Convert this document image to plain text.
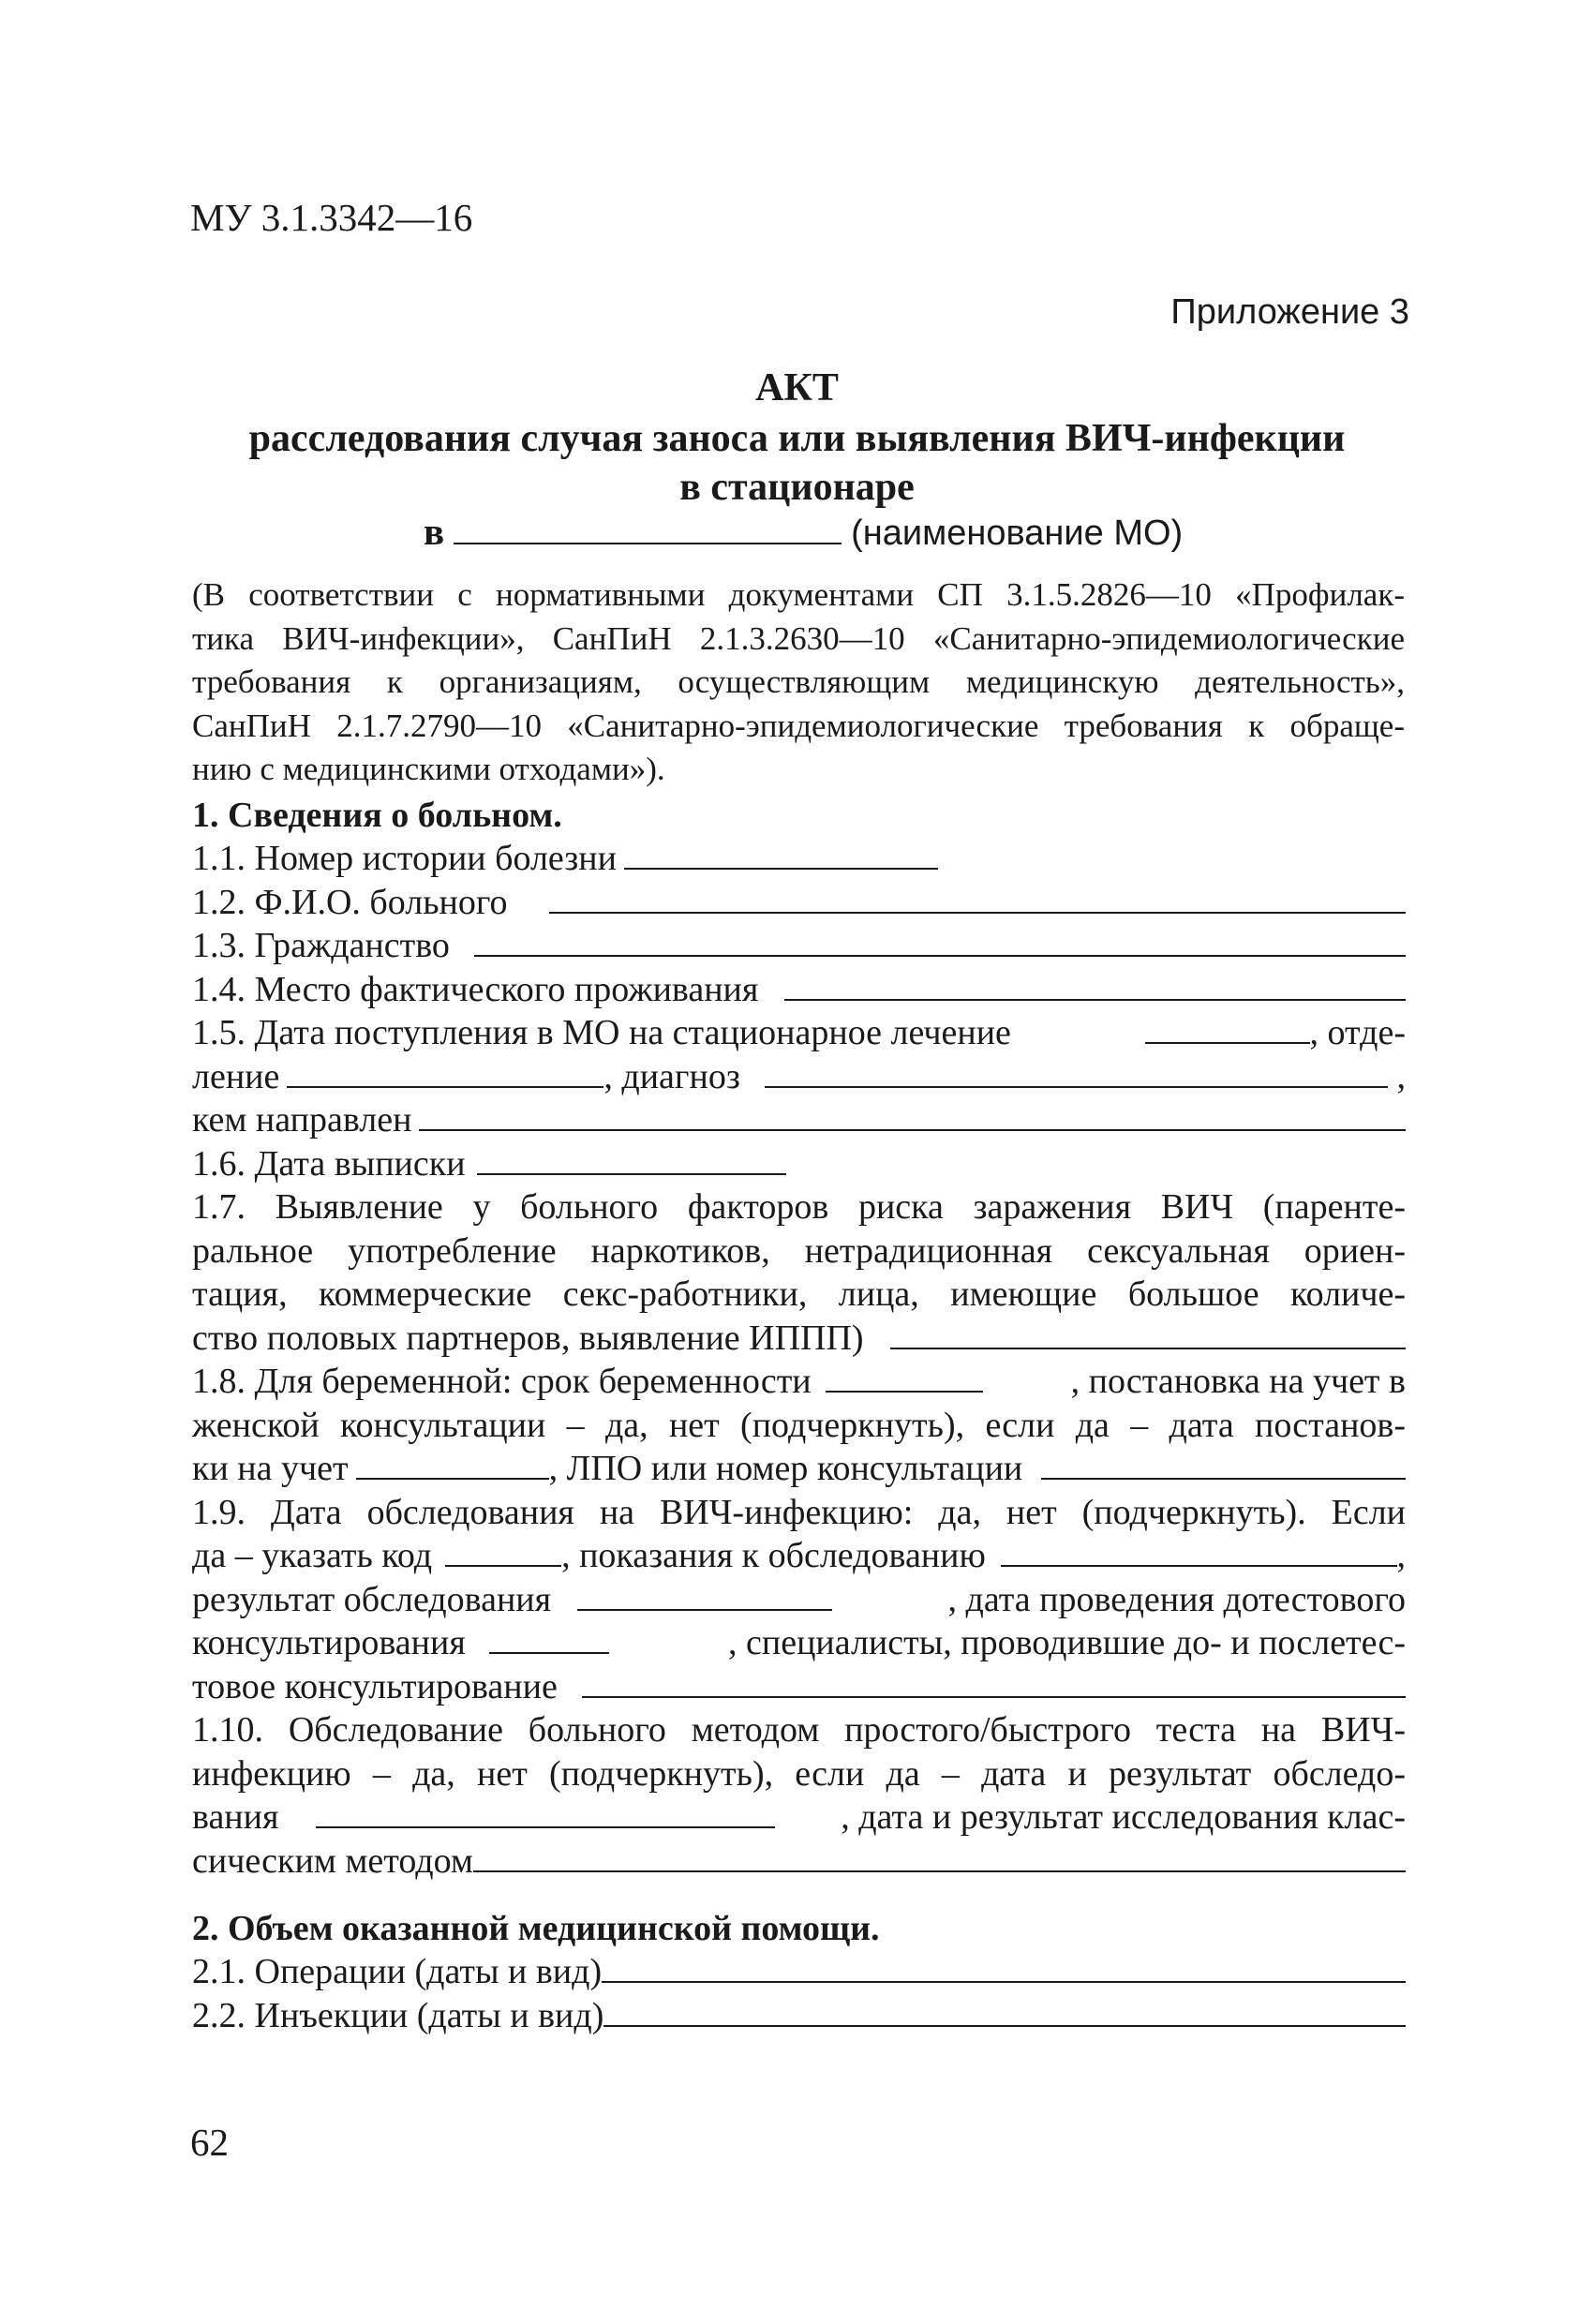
МУ 3.1.3342—16
Приложение 3
АКТ
расследования случая заноса или выявления ВИЧ-инфекции
в стационаре
в	(наименование МО)
(В соответствии с нормативными документами СП 3.1.5.2826—10 «Профилак-
тика ВИЧ-инфекции», СанПиН 2.1.3.2630—10 «Санитарно-эпидемиологические
требования к организациям, осуществляющим медицинскую деятельность»,
СанПиН 2.1.7.2790—10 «Санитарно-эпидемиологические требования к обраще-
нию с медицинскими отходами»).
1. Сведения о больном.
1.1. Номер истории болезни
1.2. Ф.И.О. больного
1.3. Гражданство
1.4. Место фактического проживания
1.5. Дата поступления в МО на стационарное лечение	, отде-
ление	, диагноз	,
кем направлен
1.6. Дата выписки
1.7. Выявление у больного факторов риска заражения ВИЧ (паренте-
ральное употребление наркотиков, нетрадиционная сексуальная ориен-
тация, коммерческие секс-работники, лица, имеющие большое количе-
ство половых партнеров, выявление ИППП)
1.8. Для беременной: срок беременности	, постановка на учет в
женской консультации – да, нет (подчеркнуть), если да – дата постанов-
ки на учет	, ЛПО или номер консультации
1.9. Дата обследования на ВИЧ-инфекцию: да, нет (подчеркнуть). Если
да – указать код	, показания к обследованию	,
результат обследования	, дата проведения дотестового
консультирования	, специалисты, проводившие до- и послетес-
товое консультирование
1.10. Обследование больного методом простого/быстрого теста на ВИЧ-
инфекцию – да, нет (подчеркнуть), если да – дата и результат обследо-
вания	, дата и результат исследования клас-
сическим методом
2. Объем оказанной медицинской помощи.
2.1. Операции (даты и вид)
2.2. Инъекции (даты и вид)
62
